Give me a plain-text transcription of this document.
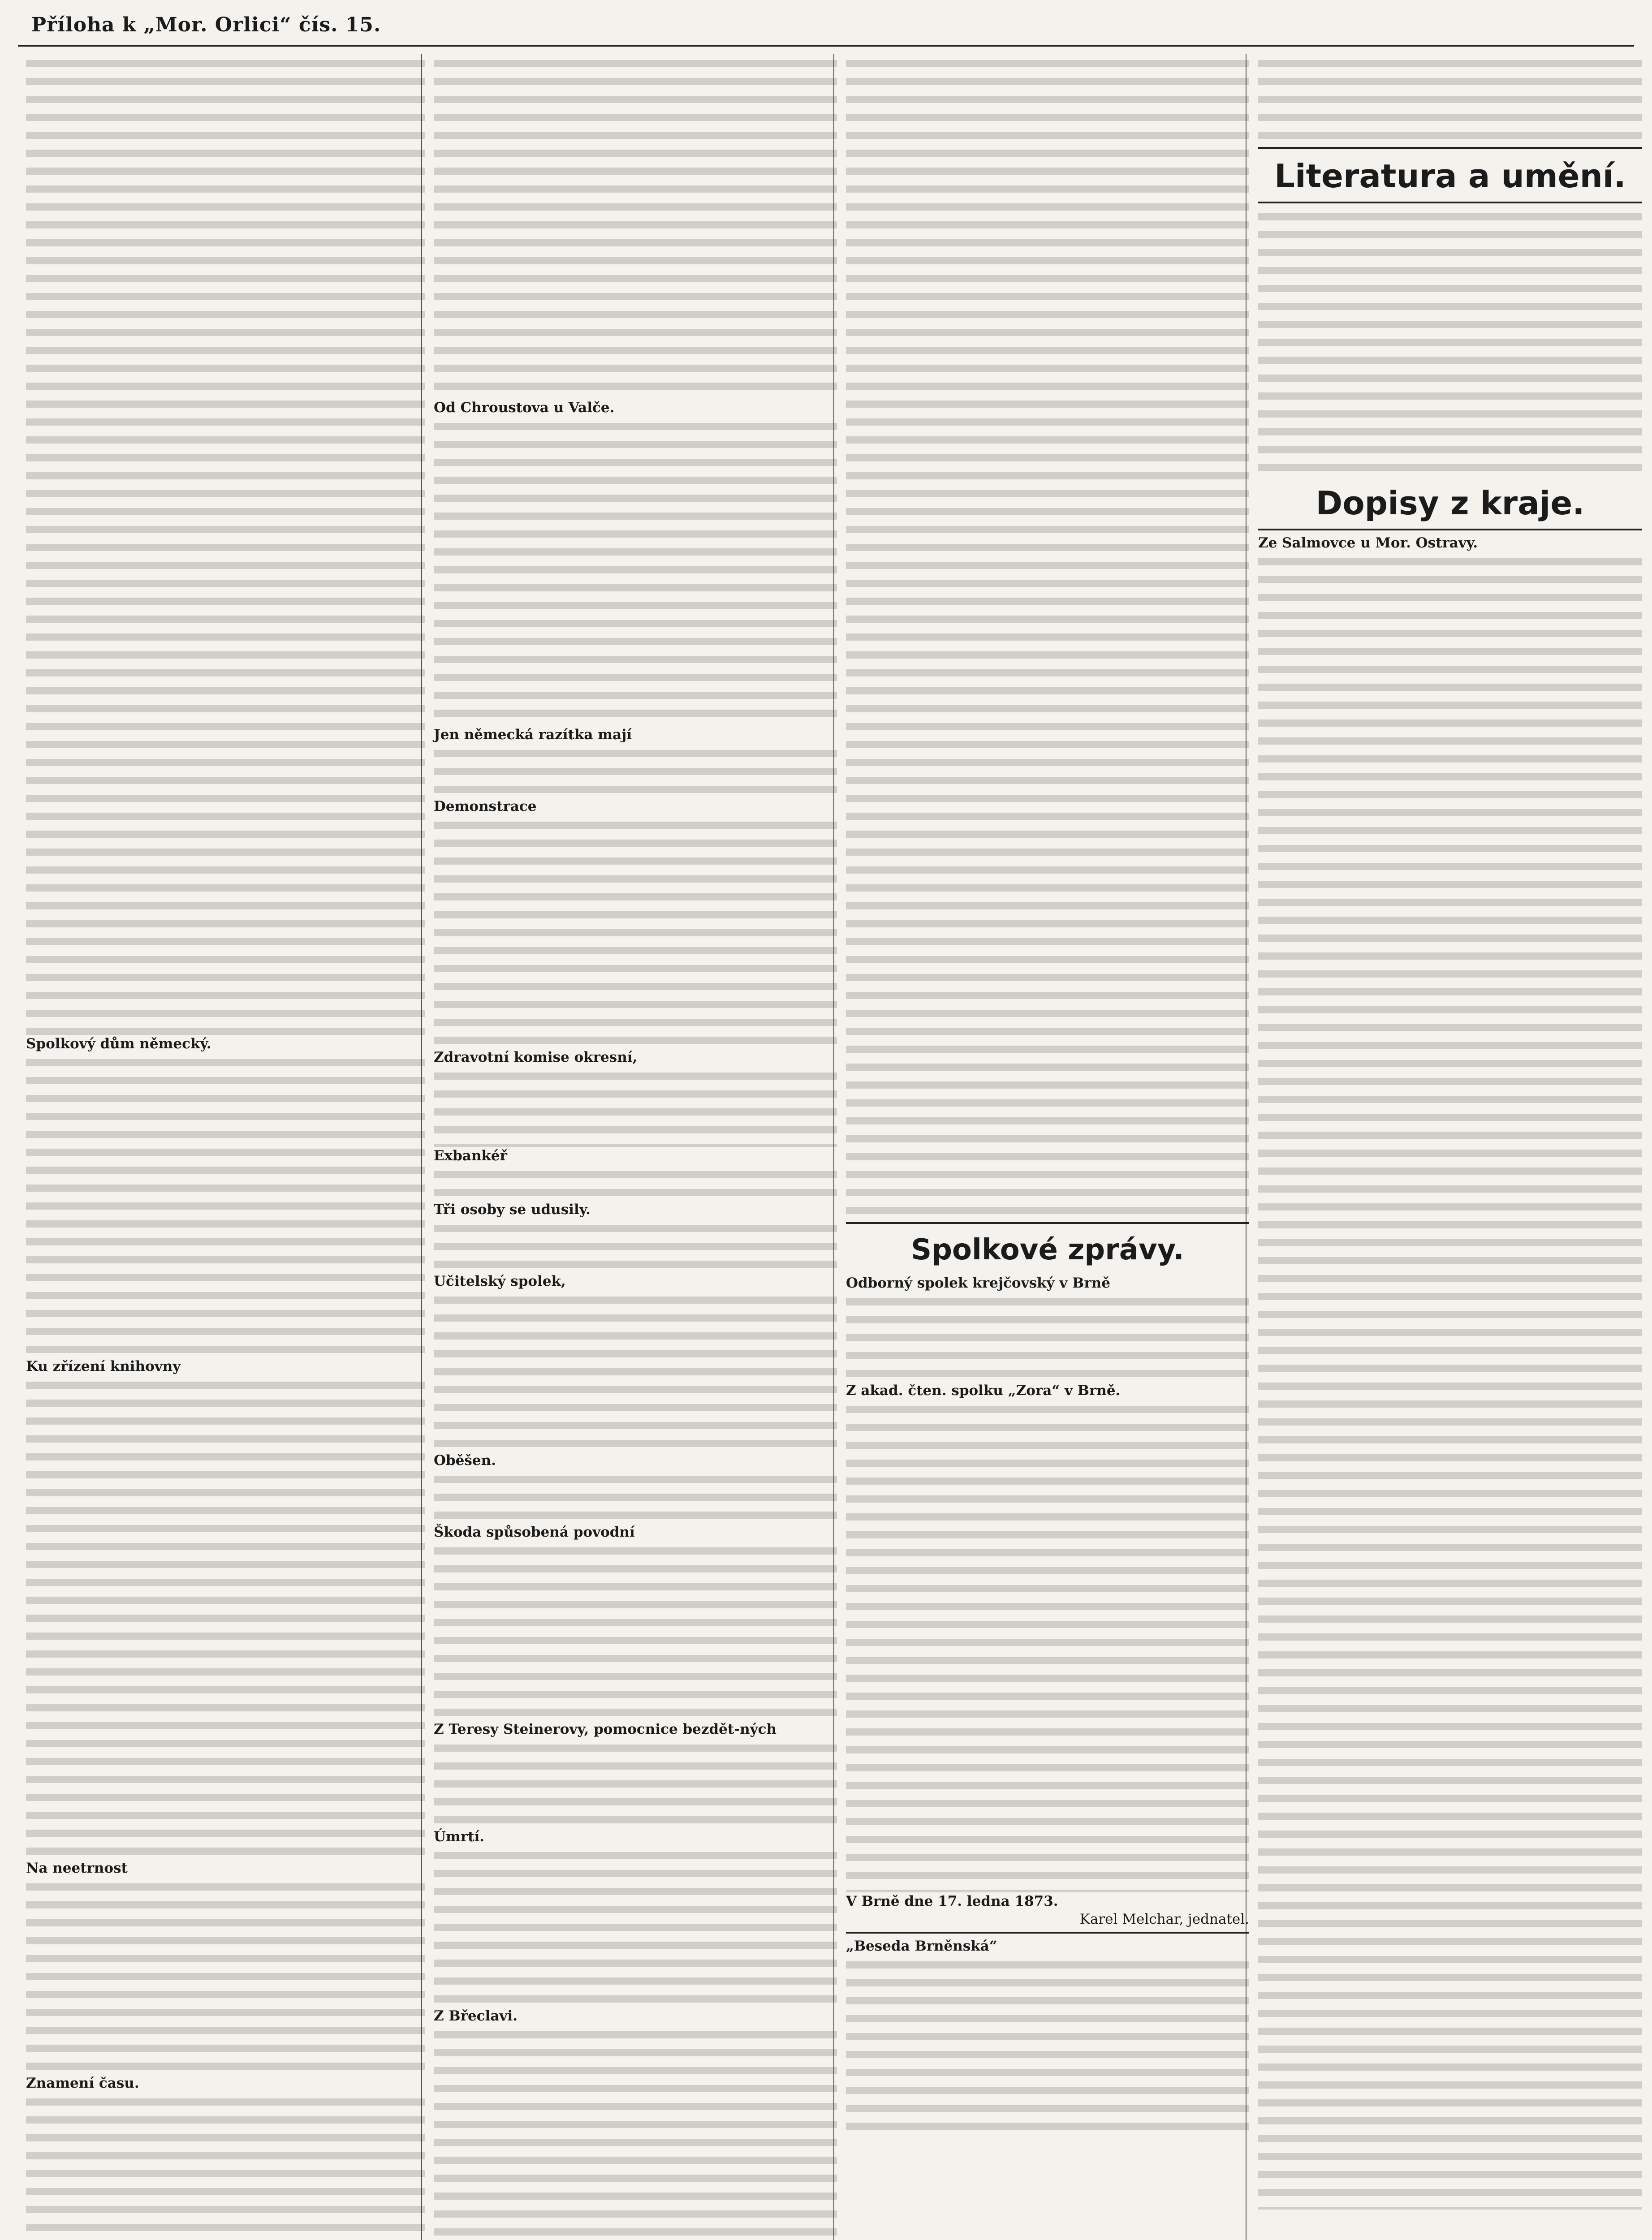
Příloha k „Mor. Orlici“ čís. 15.
Spolkový dům německý.
Ku zřízení knihovny
Na neetrnost
Znamení času.
Od Chroustova u Valče.
Jen německá razítka mají
Demonstrace
Zdravotní komise okresní,
Exbankéř
Tři osoby se udusily.
Učitelský spolek,
Oběšen.
Škoda spůsobená povodní
Z Teresy Steinerovy, pomocnice bezdět-ných
Úmrtí.
Z Břeclavi.
Spolkové zprávy.
Odborný spolek krejčovský v Brně
Z akad. čten. spolku „Zora“ v Brně.
V Brně dne 17. ledna 1873.
Karel Melchar, jednatel.
„Beseda Brněnská“
Literatura a umění.
Dopisy z kraje.
Ze Salmovce u Mor. Ostravy.
